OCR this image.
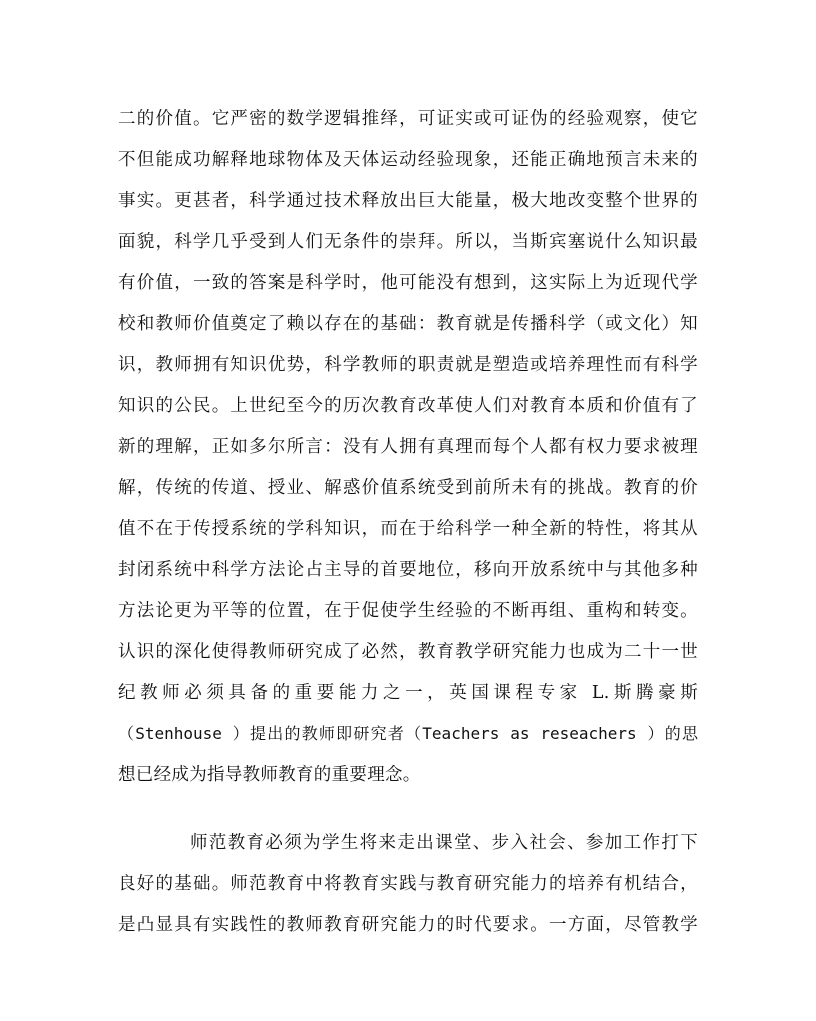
二的价值。它严密的数学逻辑推绎，可证实或可证伪的经验观察，使它
不但能成功解释地球物体及天体运动经验现象，还能正确地预言未来的
事实。更甚者，科学通过技术释放出巨大能量，极大地改变整个世界的
面貌，科学几乎受到人们无条件的崇拜。所以，当斯宾塞说什么知识最
有价值，一致的答案是科学时，他可能没有想到，这实际上为近现代学
校和教师价值奠定了赖以存在的基础：教育就是传播科学（或文化）知
识，教师拥有知识优势，科学教师的职责就是塑造或培养理性而有科学
知识的公民。上世纪至今的历次教育改革使人们对教育本质和价值有了
新的理解，正如多尔所言：没有人拥有真理而每个人都有权力要求被理
解，传统的传道、授业、解惑价值系统受到前所未有的挑战。教育的价
值不在于传授系统的学科知识，而在于给科学一种全新的特性，将其从
封闭系统中科学方法论占主导的首要地位，移向开放系统中与其他多种
方法论更为平等的位置，在于促使学生经验的不断再组、重构和转变。
认识的深化使得教师研究成了必然，教育教学研究能力也成为二十一世
纪教师必须具备的重要能力之一，英国课程专家 L.斯腾豪斯
（Stenhouse ）提出的教师即研究者（Teachers as reseachers ）的思
想已经成为指导教师教育的重要理念。
师范教育必须为学生将来走出课堂、步入社会、参加工作打下
良好的基础。师范教育中将教育实践与教育研究能力的培养有机结合，
是凸显具有实践性的教师教育研究能力的时代要求。一方面，尽管教学
